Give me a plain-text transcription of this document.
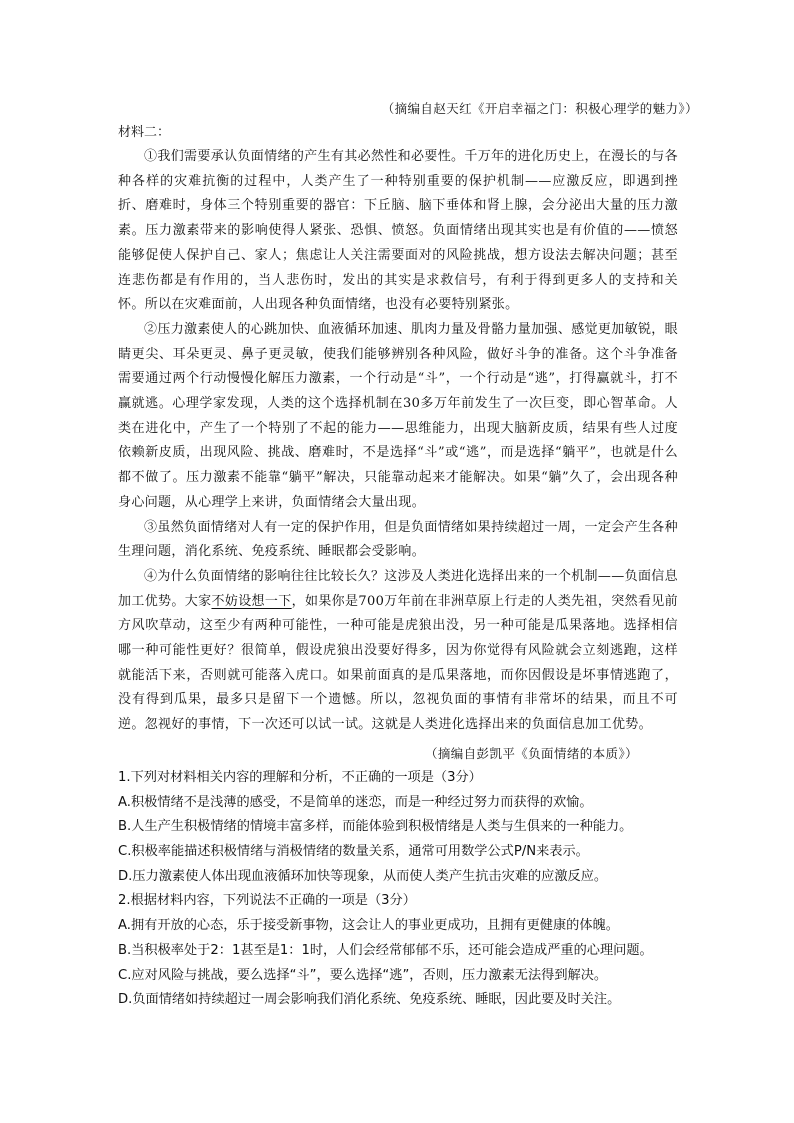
（摘编自赵天红《开启幸福之门：积极心理学的魅力》）
材料二：

①我们需要承认负面情绪的产生有其必然性和必要性。千万年的进化历史上，在漫长的与各种各样的灾难抗衡的过程中，人类产生了一种特别重要的保护机制——应激反应，即遇到挫折、磨难时，身体三个特别重要的器官：下丘脑、脑下垂体和肾上腺，会分泌出大量的压力激素。压力激素带来的影响使得人紧张、恐惧、愤怒。负面情绪出现其实也是有价值的——愤怒能够促使人保护自己、家人；焦虑让人关注需要面对的风险挑战，想方设法去解决问题；甚至连悲伤都是有作用的，当人悲伤时，发出的其实是求救信号，有利于得到更多人的支持和关怀。所以在灾难面前，人出现各种负面情绪，也没有必要特别紧张。

②压力激素使人的心跳加快、血液循环加速、肌肉力量及骨骼力量加强、感觉更加敏锐，眼睛更尖、耳朵更灵、鼻子更灵敏，使我们能够辨别各种风险，做好斗争的准备。这个斗争准备需要通过两个行动慢慢化解压力激素，一个行动是“斗”，一个行动是“逃”，打得赢就斗，打不赢就逃。心理学家发现，人类的这个选择机制在30多万年前发生了一次巨变，即心智革命。人类在进化中，产生了一个特别了不起的能力——思维能力，出现大脑新皮质，结果有些人过度依赖新皮质，出现风险、挑战、磨难时，不是选择“斗”或“逃”，而是选择“躺平”，也就是什么都不做了。压力激素不能靠“躺平”解决，只能靠动起来才能解决。如果“躺”久了，会出现各种身心问题，从心理学上来讲，负面情绪会大量出现。

③虽然负面情绪对人有一定的保护作用，但是负面情绪如果持续超过一周，一定会产生各种生理问题，消化系统、免疫系统、睡眠都会受影响。

④为什么负面情绪的影响往往比较长久？这涉及人类进化选择出来的一个机制——负面信息加工优势。大家不妨设想一下，如果你是700万年前在非洲草原上行走的人类先祖，突然看见前方风吹草动，这至少有两种可能性，一种可能是虎狼出没，另一种可能是瓜果落地。选择相信哪一种可能性更好？很简单，假设虎狼出没要好得多，因为你觉得有风险就会立刻逃跑，这样就能活下来，否则就可能落入虎口。如果前面真的是瓜果落地，而你因假设是坏事情逃跑了，没有得到瓜果，最多只是留下一个遗憾。所以，忽视负面的事情有非常坏的结果，而且不可逆。忽视好的事情，下一次还可以试一试。这就是人类进化选择出来的负面信息加工优势。

（摘编自彭凯平《负面情绪的本质》）

1.下列对材料相关内容的理解和分析，不正确的一项是（3分）

A.积极情绪不是浅薄的感受，不是简单的迷恋，而是一种经过努力而获得的欢愉。

B.人生产生积极情绪的情境丰富多样，而能体验到积极情绪是人类与生俱来的一种能力。

C.积极率能描述积极情绪与消极情绪的数量关系，通常可用数学公式P/N来表示。

D.压力激素使人体出现血液循环加快等现象，从而使人类产生抗击灾难的应激反应。

2.根据材料内容，下列说法不正确的一项是（3分）

A.拥有开放的心态，乐于接受新事物，这会让人的事业更成功，且拥有更健康的体魄。

B.当积极率处于2：1甚至是1：1时，人们会经常郁郁不乐，还可能会造成严重的心理问题。

C.应对风险与挑战，要么选择“斗”，要么选择“逃”，否则，压力激素无法得到解决。

D.负面情绪如持续超过一周会影响我们消化系统、免疫系统、睡眠，因此要及时关注。
